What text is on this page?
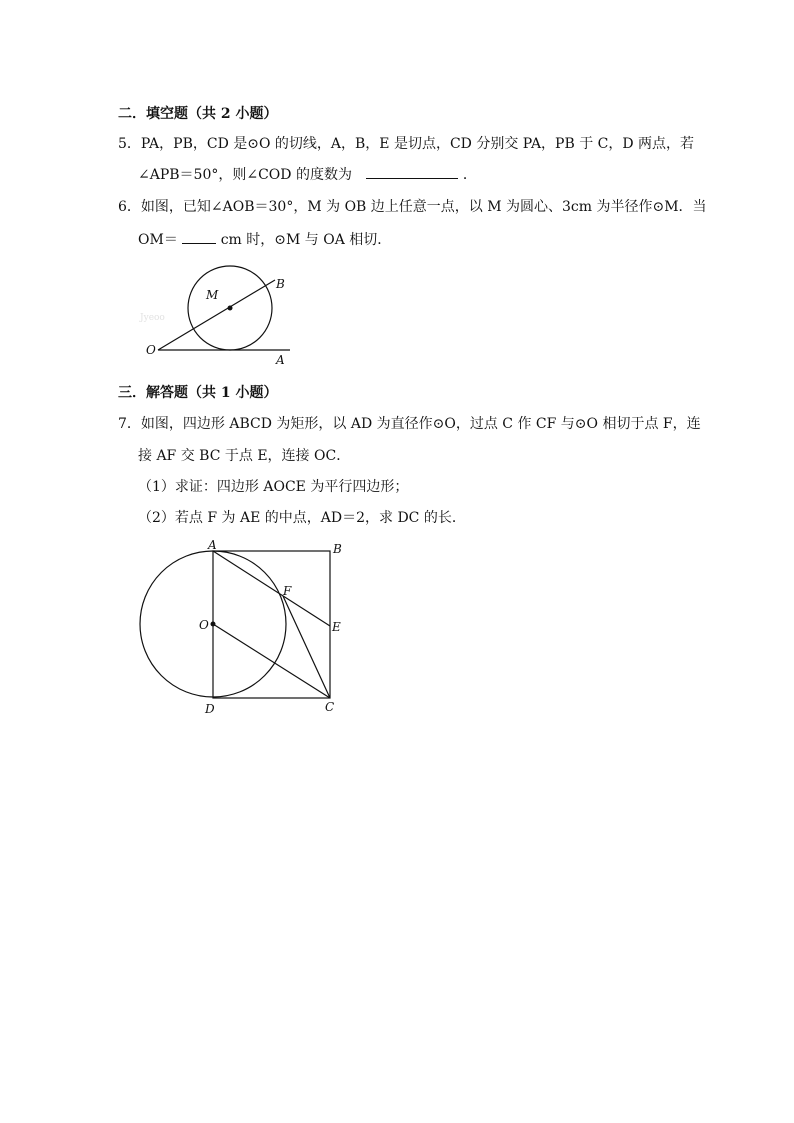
二．填空题（共 2 小题）
5．PA，PB，CD 是⊙O 的切线，A，B，E 是切点，CD 分别交 PA，PB 于 C，D 两点，若
∠APB＝50°，则∠COD 的度数为	．
6．如图，已知∠AOB＝30°，M 为 OB 边上任意一点，以 M 为圆心、3cm 为半径作⊙M．当
OM＝	cm 时，⊙M 与 OA 相切．
Jyeoo
O
A
B
M
三．解答题（共 1 小题）
7．如图，四边形 ABCD 为矩形，以 AD 为直径作⊙O，过点 C 作 CF 与⊙O 相切于点 F，连
接 AF 交 BC 于点 E，连接 OC．
（1）求证：四边形 AOCE 为平行四边形；
（2）若点 F 为 AE 的中点，AD＝2，求 DC 的长．
A	B
C
D
E
F
O
